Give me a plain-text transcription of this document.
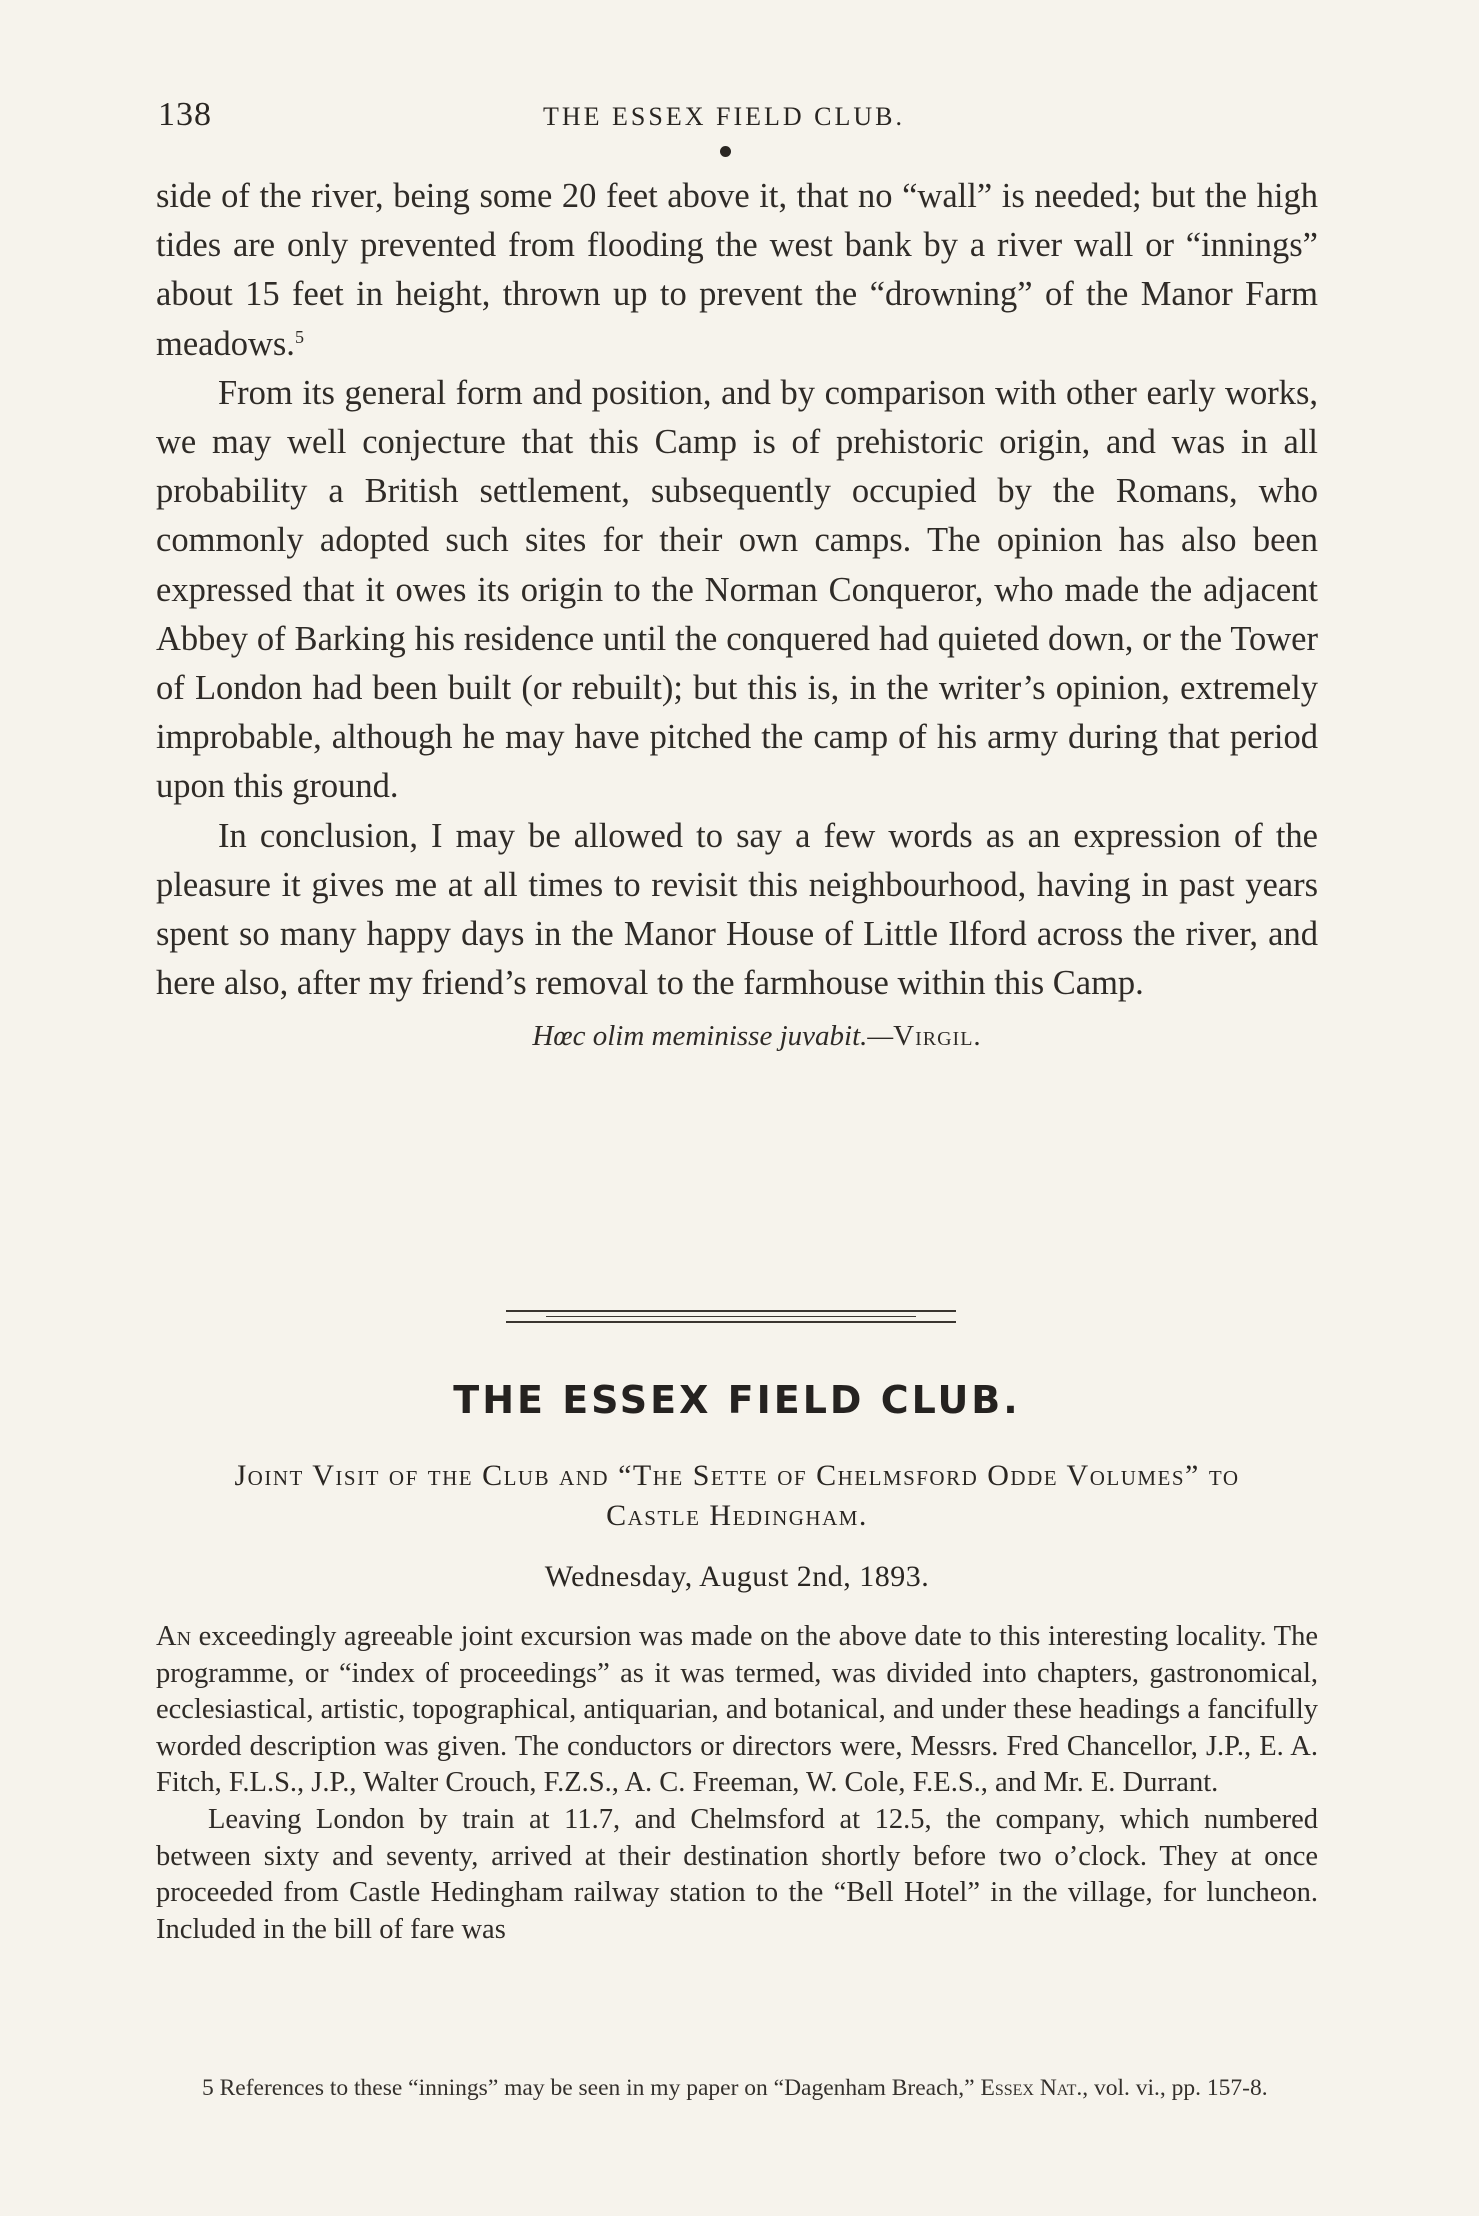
138	THE ESSEX FIELD CLUB.

side of the river, being some 20 feet above it, that no “wall” is needed; but the high tides are only prevented from flooding the west bank by a river wall or “innings” about 15 feet in height, thrown up to prevent the “drowning” of the Manor Farm meadows.$^5$

From its general form and position, and by comparison with other early works, we may well conjecture that this Camp is of prehistoric origin, and was in all probability a British settlement, subsequently occupied by the Romans, who commonly adopted such sites for their own camps. The opinion has also been expressed that it owes its origin to the Norman Conqueror, who made the adjacent Abbey of Barking his residence until the conquered had quieted down, or the Tower of London had been built (or rebuilt); but this is, in the writer’s opinion, extremely improbable, although he may have pitched the camp of his army during that period upon this ground.

In conclusion, I may be allowed to say a few words as an expression of the pleasure it gives me at all times to revisit this neighbourhood, having in past years spent so many happy days in the Manor House of Little Ilford across the river, and here also, after my friend’s removal to the farmhouse within this Camp.

Hœc olim meminisse juvabit.—Virgil.

THE ESSEX FIELD CLUB.
Joint Visit of the Club and “The Sette of Chelmsford Odde Volumes” to Castle Hedingham.
Wednesday, August 2nd, 1893.

An exceedingly agreeable joint excursion was made on the above date to this interesting locality. The programme, or “index of proceedings” as it was termed, was divided into chapters, gastronomical, ecclesiastical, artistic, topographical, antiquarian, and botanical, and under these headings a fancifully worded description was given. The conductors or directors were, Messrs. Fred Chancellor, J.P., E. A. Fitch, F.L.S., J.P., Walter Crouch, F.Z.S., A. C. Freeman, W. Cole, F.E.S., and Mr. E. Durrant.

Leaving London by train at 11.7, and Chelmsford at 12.5, the company, which numbered between sixty and seventy, arrived at their destination shortly before two o’clock. They at once proceeded from Castle Hedingham railway station to the “Bell Hotel” in the village, for luncheon. Included in the bill of fare was

5 References to these “innings” may be seen in my paper on “Dagenham Breach,” Essex Nat., vol. vi., pp. 157-8.
